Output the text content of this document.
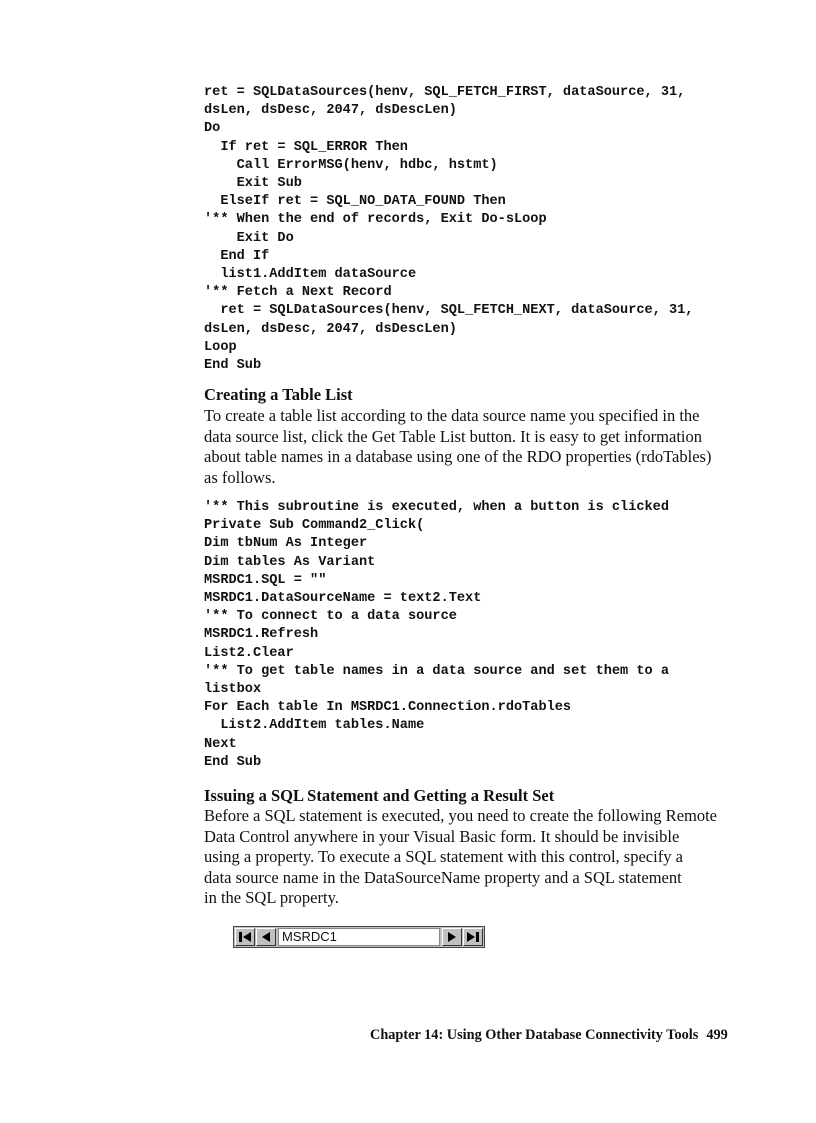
ret = SQLDataSources(henv, SQL_FETCH_FIRST, dataSource, 31,
dsLen, dsDesc, 2047, dsDescLen)
Do
If ret = SQL_ERROR Then
Call ErrorMSG(henv, hdbc, hstmt)
Exit Sub
ElseIf ret = SQL_NO_DATA_FOUND Then
'** When the end of records, Exit Do-sLoop
Exit Do
End If
list1.AddItem dataSource
'** Fetch a Next Record
ret = SQLDataSources(henv, SQL_FETCH_NEXT, dataSource, 31,
dsLen, dsDesc, 2047, dsDescLen)
Loop
End Sub
Creating a Table List

To create a table list according to the data source name you specified in the
data source list, click the Get Table List button. It is easy to get information
about table names in a database using one of the RDO properties (rdoTables)
as follows.

'** This subroutine is executed, when a button is clicked
Private Sub Command2_Click(
Dim tbNum As Integer
Dim tables As Variant
MSRDC1.SQL = ""
MSRDC1.DataSourceName = text2.Text
'** To connect to a data source
MSRDC1.Refresh
List2.Clear
'** To get table names in a data source and set them to a
listbox
For Each table In MSRDC1.Connection.rdoTables
List2.AddItem tables.Name
Next
End Sub
Issuing a SQL Statement and Getting a Result Set

Before a SQL statement is executed, you need to create the following Remote
Data Control anywhere in your Visual Basic form. It should be invisible
using a property. To execute a SQL statement with this control, specify a
data source name in the DataSourceName property and a SQL statement
in the SQL property.

MSRDC1

Chapter 14: Using Other Database Connectivity Tools 499
